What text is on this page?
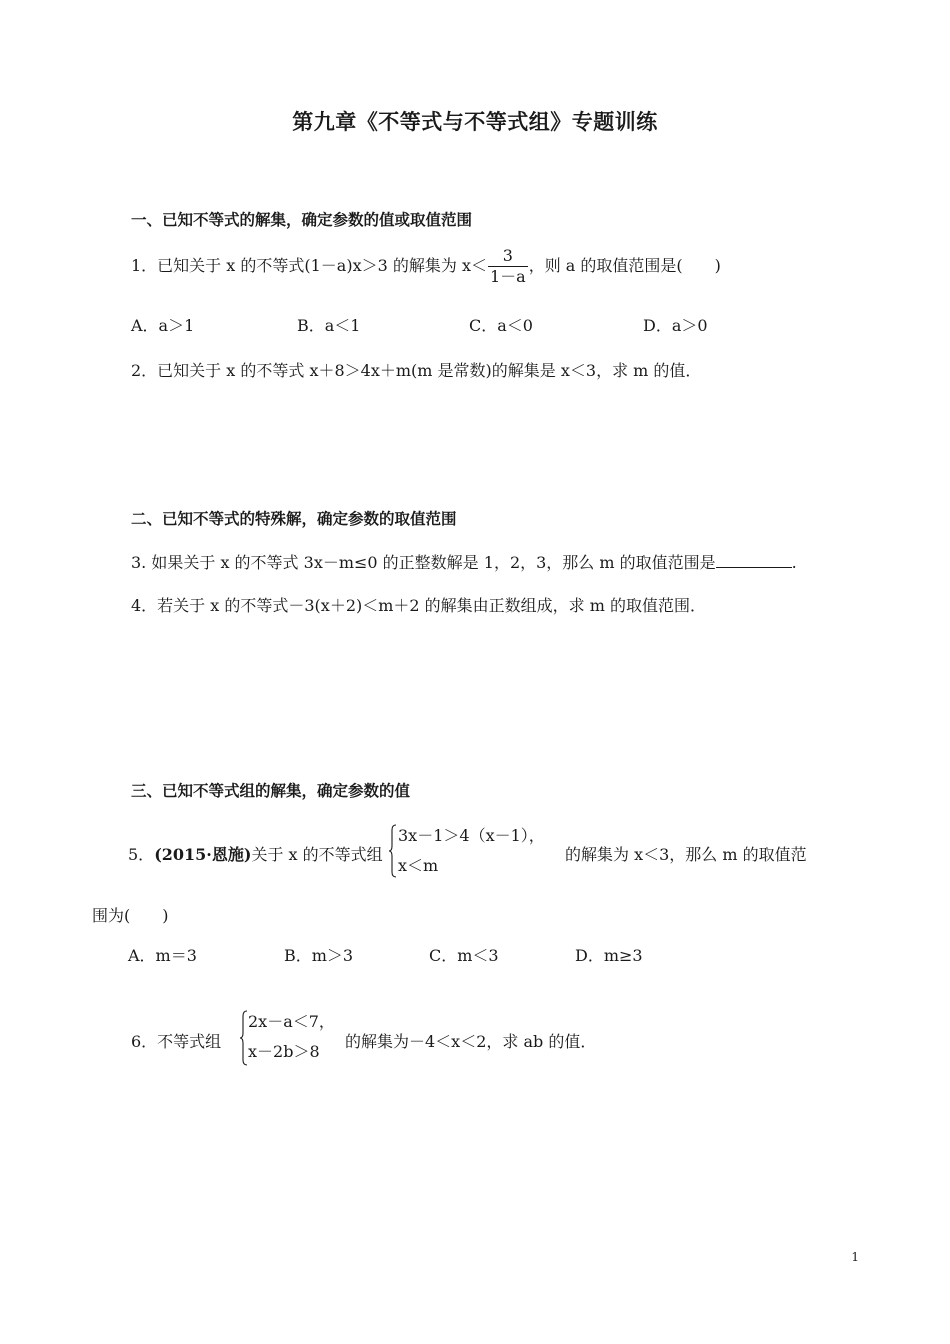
第九章《不等式与不等式组》专题训练
一、已知不等式的解集，确定参数的值或取值范围
1．已知关于 x 的不等式(1－a)x＞3 的解集为 $x< \frac{3}{1-a}$ ，则 a 的取值范围是(　　)
A．a＞1	B．a＜1	C．a＜0	D．a＞0
2．已知关于 x 的不等式 x＋8＞4x＋m(m 是常数)的解集是 x＜3，求 m 的值．
二、已知不等式的特殊解，确定参数的取值范围
3. 如果关于 x 的不等式 3x－m≤0 的正整数解是 1，2，3，那么 m 的取值范围是	.
4．若关于 x 的不等式－3(x＋2)＜m＋2 的解集由正数组成，求 m 的取值范围．
三、已知不等式组的解集，确定参数的值
5．(2015·恩施)关于 x 的不等式组
3x－1＞4（x－1），
x＜m
的解集为 x＜3，那么 m 的取值范
围为(　　)
A．m＝3	B．m＞3	C．m＜3	D．m≥3
6．不等式组
2x－a＜7，
x－2b＞8
的解集为－4＜x＜2，求 ab 的值．
1
